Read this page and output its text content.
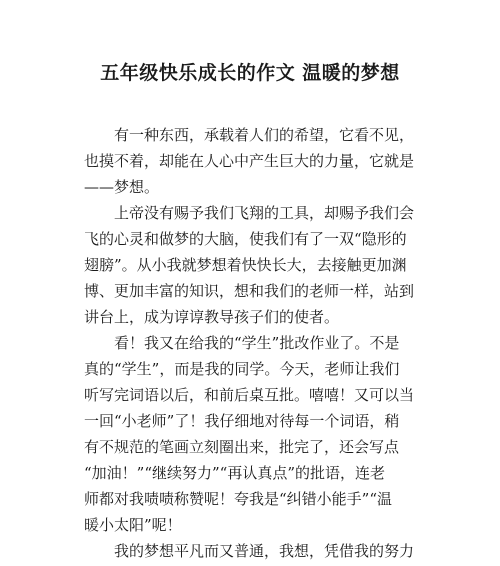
五年级快乐成长的作文 温暖的梦想
有一种东西，承载着人们的希望，它看不见，
也摸不着，却能在人心中产生巨大的力量，它就是
——梦想。
上帝没有赐予我们飞翔的工具，却赐予我们会
飞的心灵和做梦的大脑，使我们有了一双“隐形的
翅膀”。从小我就梦想着快快长大，去接触更加渊
博、更加丰富的知识，想和我们的老师一样，站到
讲台上，成为谆谆教导孩子们的使者。
看！我又在给我的“学生”批改作业了。不是
真的“学生”，而是我的同学。今天，老师让我们
听写完词语以后，和前后桌互批。嘻嘻！又可以当
一回“小老师”了！我仔细地对待每一个词语，稍
有不规范的笔画立刻圈出来，批完了，还会写点
“加油！”“继续努力”“再认真点”的批语，连老
师都对我啧啧称赞呢！夸我是“纠错小能手”“温
暖小太阳”呢！
我的梦想平凡而又普通，我想，凭借我的努力
